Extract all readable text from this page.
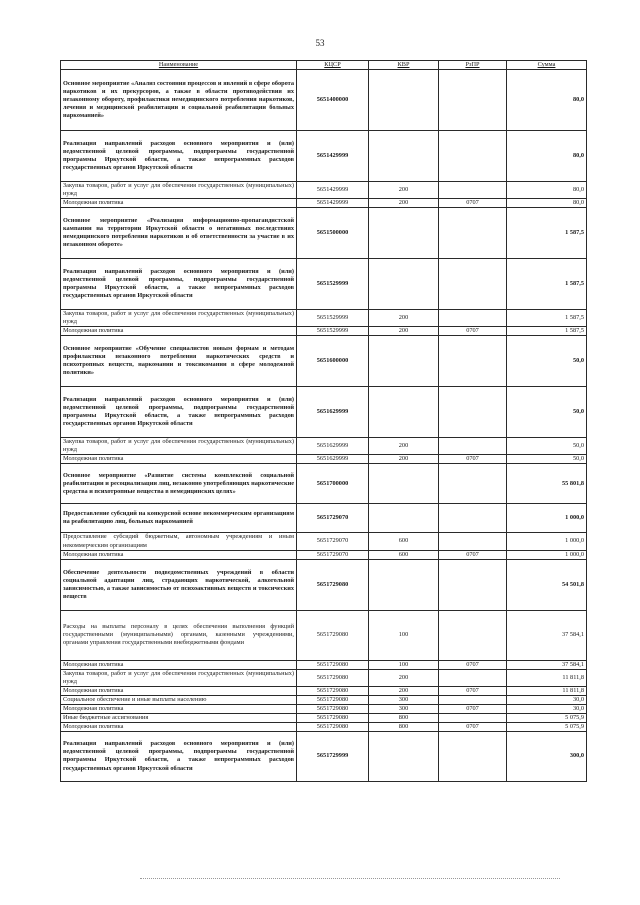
53
Наименование	КЦСР	КВР	РзПР	Сумма
Основное мероприятие «Анализ состояния процессов и явлений в сфере оборота наркотиков и их прекурсоров, а также в области противодействия их незаконному обороту, профилактики немедицинского потребления наркотиков, лечения и медицинской реабилитации и социальной реабилитации больных наркоманией»	5651400000			80,0
Реализация направлений расходов основного мероприятия и (или) ведомственной целевой программы, подпрограммы государственной программы Иркутской области, а также непрограммных расходов государственных органов Иркутской области	5651429999			80,0
Закупка товаров, работ и услуг для обеспечения государственных (муниципальных) нужд	5651429999	200		80,0
Молодежная политика	5651429999	200	0707	80,0
Основное мероприятие «Реализация информационно-пропагандистской кампании на территории Иркутской области о негативных последствиях немедицинского потребления наркотиков и об ответственности за участие в их незаконном обороте»	5651500000			1 587,5
Реализация направлений расходов основного мероприятия и (или) ведомственной целевой программы, подпрограммы государственной программы Иркутской области, а также непрограммных расходов государственных органов Иркутской области	5651529999			1 587,5
Закупка товаров, работ и услуг для обеспечения государственных (муниципальных) нужд	5651529999	200		1 587,5
Молодежная политика	5651529999	200	0707	1 587,5
Основное мероприятие «Обучение специалистов новым формам и методам профилактики незаконного потребления наркотических средств и психотропных веществ, наркомании и токсикомании в сфере молодежной политики»	5651600000			50,0
Реализация направлений расходов основного мероприятия и (или) ведомственной целевой программы, подпрограммы государственной программы Иркутской области, а также непрограммных расходов государственных органов Иркутской области	5651629999			50,0
Закупка товаров, работ и услуг для обеспечения государственных (муниципальных) нужд	5651629999	200		50,0
Молодежная политика	5651629999	200	0707	50,0
Основное мероприятие «Развитие системы комплексной социальной реабилитации и ресоциализации лиц, незаконно употребляющих наркотические средства и психотропные вещества в немедицинских целях»	5651700000			55 801,8
Предоставление субсидий на конкурсной основе некоммерческим организациям на реабилитацию лиц, больных наркоманией	5651729070			1 000,0
Предоставление субсидий бюджетным, автономным учреждениям и иным некоммерческим организациям	5651729070	600		1 000,0
Молодежная политика	5651729070	600	0707	1 000,0
Обеспечение деятельности подведомственных учреждений в области социальной адаптации лиц, страдающих наркотической, алкогольной зависимостью, а также зависимостью от психоактивных веществ и токсических веществ	5651729080			54 501,8
Расходы на выплаты персоналу в целях обеспечения выполнения функций государственными (муниципальными) органами, казенными учреждениями, органами управления государственными внебюджетными фондами	5651729080	100		37 584,1
Молодежная политика	5651729080	100	0707	37 584,1
Закупка товаров, работ и услуг для обеспечения государственных (муниципальных) нужд	5651729080	200		11 811,8
Молодежная политика	5651729080	200	0707	11 811,8
Социальное обеспечение и иные выплаты населению	5651729080	300		30,0
Молодежная политика	5651729080	300	0707	30,0
Иные бюджетные ассигнования	5651729080	800		5 075,9
Молодежная политика	5651729080	800	0707	5 075,9
Реализация направлений расходов основного мероприятия и (или) ведомственной целевой программы, подпрограммы государственной программы Иркутской области, а также непрограммных расходов государственных органов Иркутской области	5651729999			300,0
